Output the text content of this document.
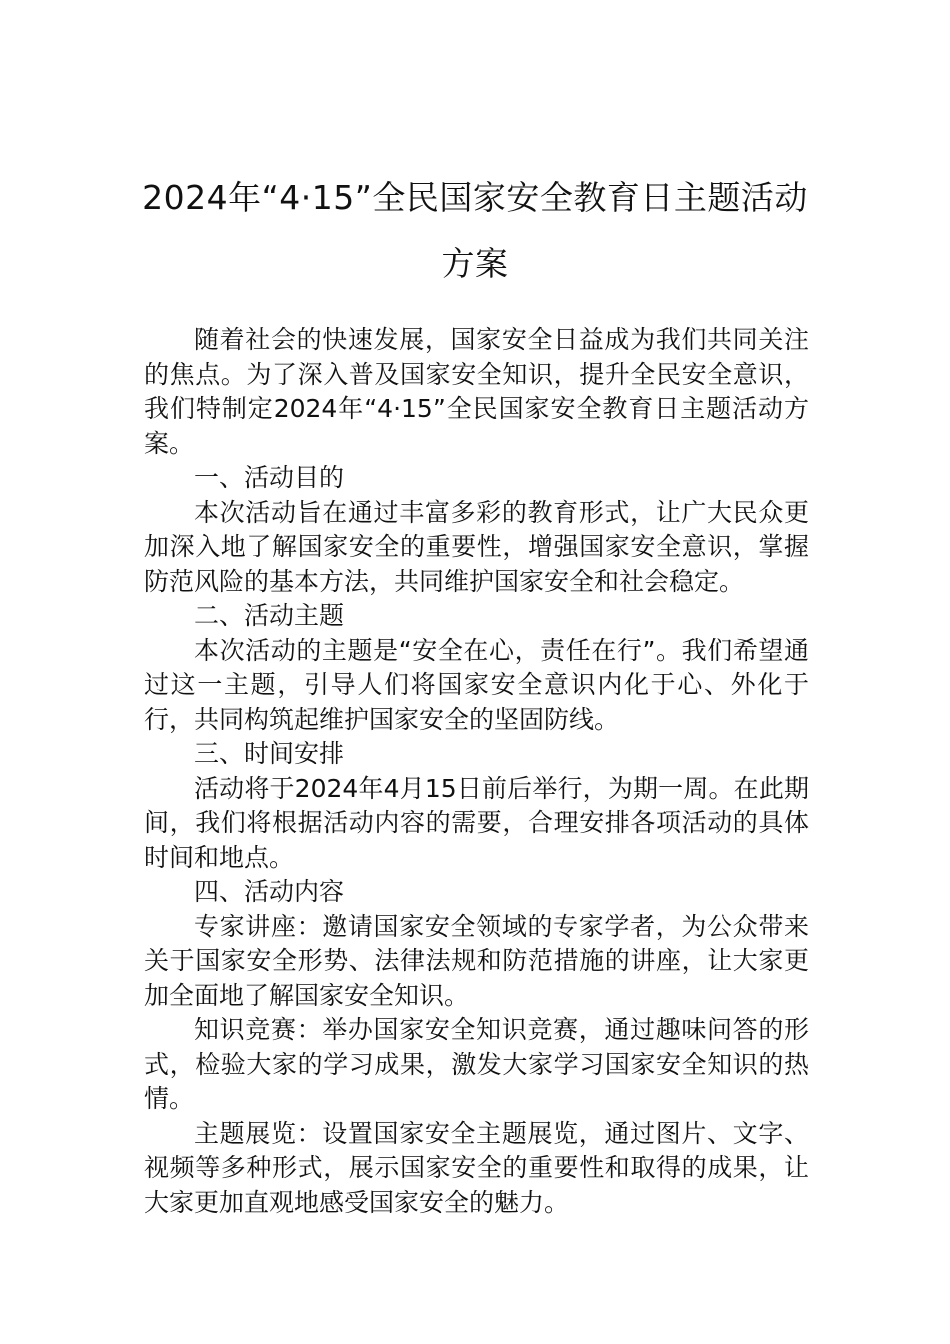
2024年“4·15”全民国家安全教育日主题活动方案

随着社会的快速发展，国家安全日益成为我们共同关注的焦点。为了深入普及国家安全知识，提升全民安全意识，我们特制定2024年“4·15”全民国家安全教育日主题活动方案。

一、活动目的

本次活动旨在通过丰富多彩的教育形式，让广大民众更加深入地了解国家安全的重要性，增强国家安全意识，掌握防范风险的基本方法，共同维护国家安全和社会稳定。

二、活动主题

本次活动的主题是“安全在心，责任在行”。我们希望通过这一主题，引导人们将国家安全意识内化于心、外化于行，共同构筑起维护国家安全的坚固防线。

三、时间安排

活动将于2024年4月15日前后举行，为期一周。在此期间，我们将根据活动内容的需要，合理安排各项活动的具体时间和地点。

四、活动内容

专家讲座：邀请国家安全领域的专家学者，为公众带来关于国家安全形势、法律法规和防范措施的讲座，让大家更加全面地了解国家安全知识。

知识竞赛：举办国家安全知识竞赛，通过趣味问答的形式，检验大家的学习成果，激发大家学习国家安全知识的热情。

主题展览：设置国家安全主题展览，通过图片、文字、视频等多种形式，展示国家安全的重要性和取得的成果，让大家更加直观地感受国家安全的魅力。
